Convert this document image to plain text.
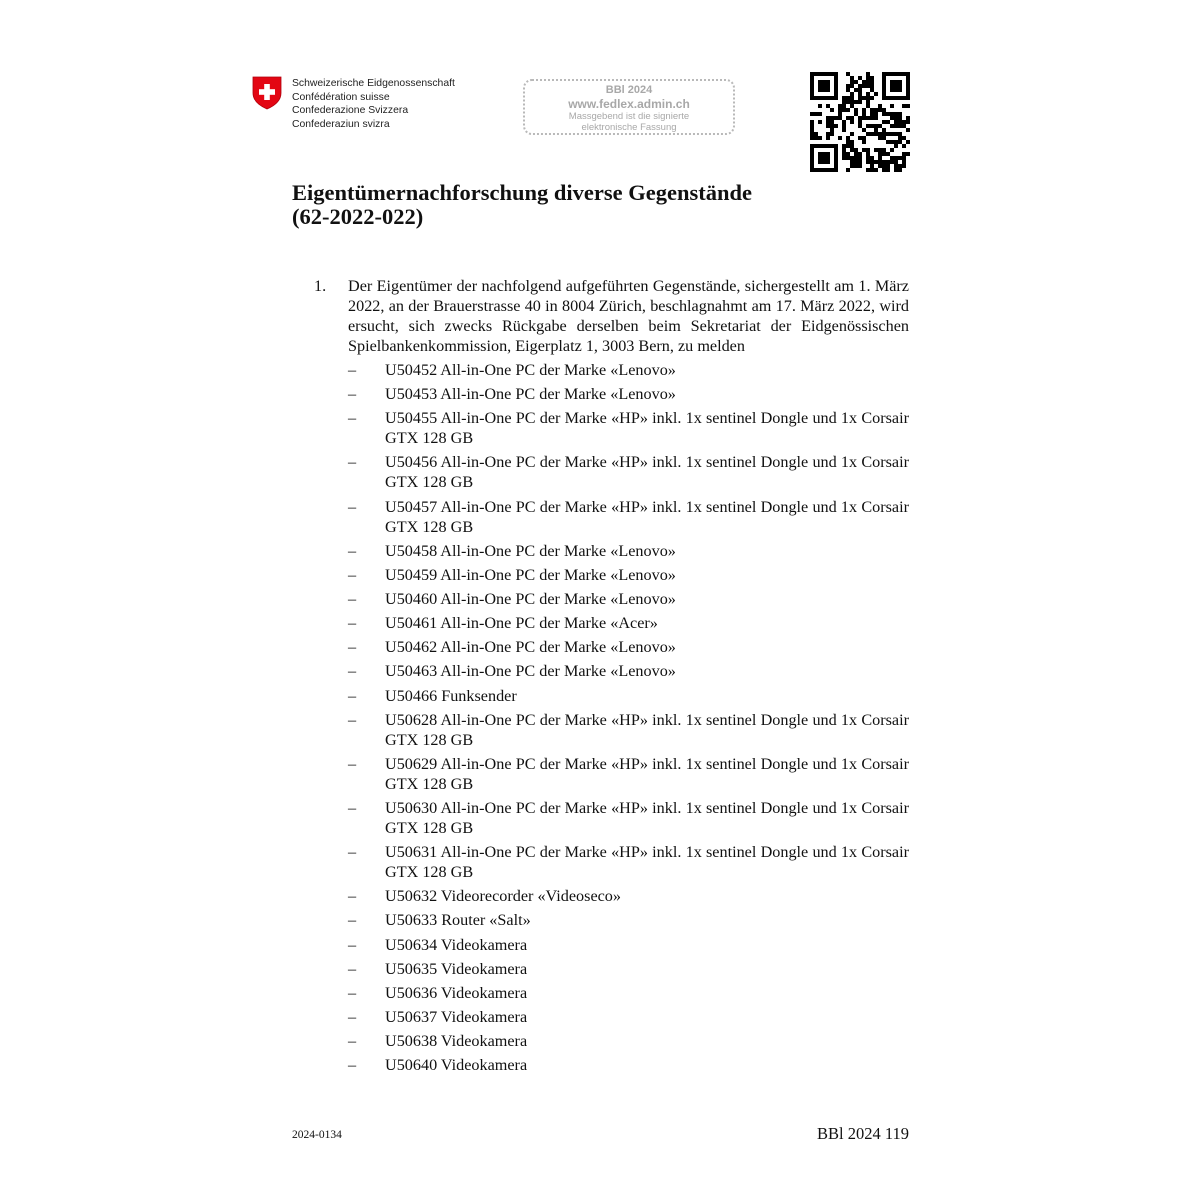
Schweizerische Eidgenossenschaft
Confédération suisse
Confederazione Svizzera
Confederaziun svizra
BBl 2024
www.fedlex.admin.ch
Massgebend ist die signierte
elektronische Fassung
Eigentümernachforschung diverse Gegenstände
(62-2022-022)
1. Der Eigentümer der nachfolgend aufgeführten Gegenstände, sichergestellt am 1. März 2022, an der Brauerstrasse 40 in 8004 Zürich, beschlagnahmt am 17. März 2022, wird ersucht, sich zwecks Rückgabe derselben beim Sekretariat der Eidgenössischen Spielbankenkommission, Eigerplatz 1, 3003 Bern, zu melden

– U50452 All-in-One PC der Marke «Lenovo»
– U50453 All-in-One PC der Marke «Lenovo»
– U50455 All-in-One PC der Marke «HP» inkl. 1x sentinel Dongle und 1x Corsair GTX 128 GB
– U50456 All-in-One PC der Marke «HP» inkl. 1x sentinel Dongle und 1x Corsair GTX 128 GB
– U50457 All-in-One PC der Marke «HP» inkl. 1x sentinel Dongle und 1x Corsair GTX 128 GB
– U50458 All-in-One PC der Marke «Lenovo»
– U50459 All-in-One PC der Marke «Lenovo»
– U50460 All-in-One PC der Marke «Lenovo»
– U50461 All-in-One PC der Marke «Acer»
– U50462 All-in-One PC der Marke «Lenovo»
– U50463 All-in-One PC der Marke «Lenovo»
– U50466 Funksender
– U50628 All-in-One PC der Marke «HP» inkl. 1x sentinel Dongle und 1x Corsair GTX 128 GB
– U50629 All-in-One PC der Marke «HP» inkl. 1x sentinel Dongle und 1x Corsair GTX 128 GB
– U50630 All-in-One PC der Marke «HP» inkl. 1x sentinel Dongle und 1x Corsair GTX 128 GB
– U50631 All-in-One PC der Marke «HP» inkl. 1x sentinel Dongle und 1x Corsair GTX 128 GB
– U50632 Videorecorder «Videoseco»
– U50633 Router «Salt»
– U50634 Videokamera
– U50635 Videokamera
– U50636 Videokamera
– U50637 Videokamera
– U50638 Videokamera
– U50640 Videokamera
2024-0134	BBl 2024 119
